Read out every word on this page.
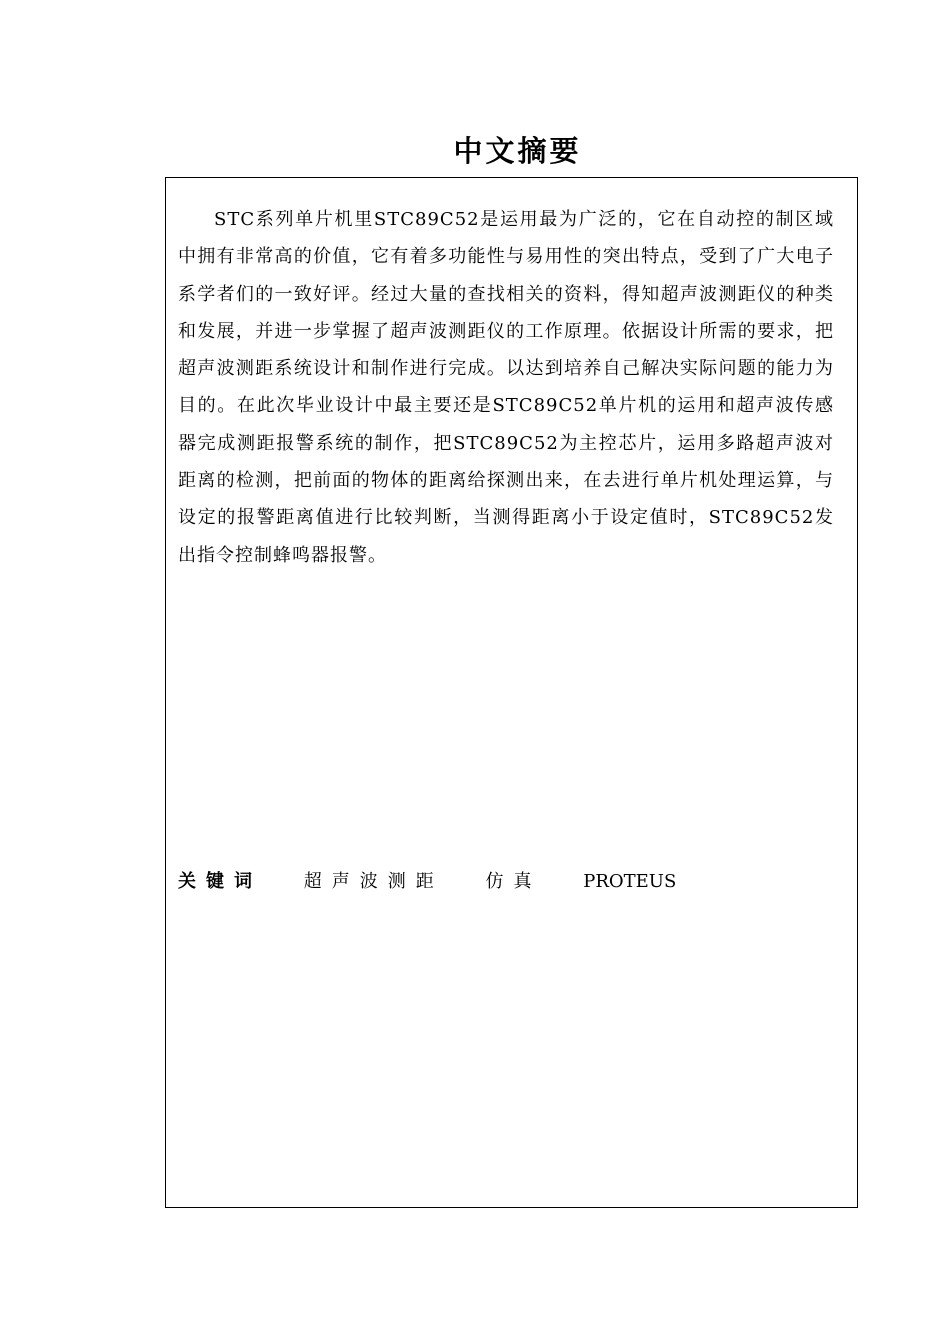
中文摘要

STC系列单片机里STC89C52是运用最为广泛的，它在自动控的制区域中拥有非常高的价值，它有着多功能性与易用性的突出特点，受到了广大电子系学者们的一致好评。经过大量的查找相关的资料，得知超声波测距仪的种类和发展，并进一步掌握了超声波测距仪的工作原理。依据设计所需的要求，把超声波测距系统设计和制作进行完成。以达到培养自己解决实际问题的能力为目的。在此次毕业设计中最主要还是STC89C52单片机的运用和超声波传感器完成测距报警系统的制作，把STC89C52为主控芯片，运用多路超声波对距离的检测，把前面的物体的距离给探测出来，在去进行单片机处理运算，与设定的报警距离值进行比较判断，当测得距离小于设定值时，STC89C52发出指令控制蜂鸣器报警。

关键词 超声波测距 仿真 PROTEUS
